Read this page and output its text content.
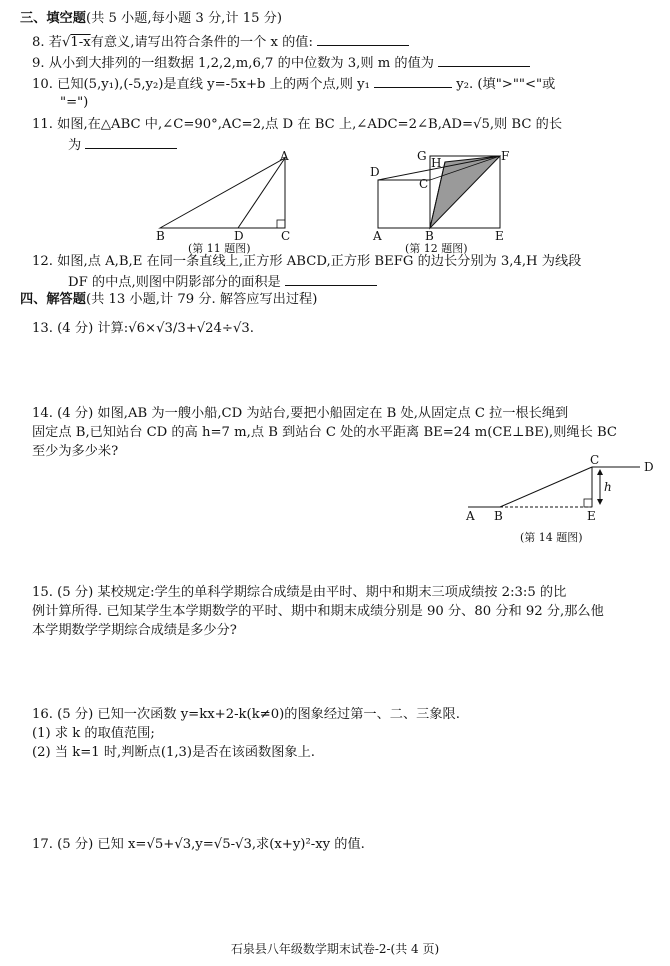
三、填空题(共 5 小题,每小题 3 分,计 15 分)
8. 若√1-x有意义,请写出符合条件的一个 x 的值:
9. 从小到大排列的一组数据 1,2,2,m,6,7 的中位数为 3,则 m 的值为
10. 已知(5,y₁),(-5,y₂)是直线 y=-5x+b 上的两个点,则 y₁	y₂. (填">""<"或
"=")
11. 如图,在△ABC 中,∠C=90°,AC=2,点 D 在 BC 上,∠ADC=2∠B,AD=√5,则 BC 的长
为
A
B	D	C
(第 11 题图)
G H	F
D
C
A	B	E
(第 12 题图)
12. 如图,点 A,B,E 在同一条直线上,正方形 ABCD,正方形 BEFG 的边长分别为 3,4,H 为线段
DF 的中点,则图中阴影部分的面积是
四、解答题(共 13 小题,计 79 分. 解答应写出过程)
13. (4 分) 计算:√6×√3/3+√24÷√3.
14. (4 分) 如图,AB 为一艘小船,CD 为站台,要把小船固定在 B 处,从固定点 C 拉一根长绳到
固定点 B,已知站台 CD 的高 h=7 m,点 B 到站台 C 处的水平距离 BE=24 m(CE⊥BE),则绳长 BC
至少为多少米?
C	D
h
A B	E
(第 14 题图)
15. (5 分) 某校规定:学生的单科学期综合成绩是由平时、期中和期末三项成绩按 2:3:5 的比
例计算所得. 已知某学生本学期数学的平时、期中和期末成绩分别是 90 分、80 分和 92 分,那么他
本学期数学学期综合成绩是多少分?
16. (5 分) 已知一次函数 y=kx+2-k(k≠0)的图象经过第一、二、三象限.
(1) 求 k 的取值范围;
(2) 当 k=1 时,判断点(1,3)是否在该函数图象上.
17. (5 分) 已知 x=√5+√3,y=√5-√3,求(x+y)²-xy 的值.
石泉县八年级数学期末试卷-2-(共 4 页)
